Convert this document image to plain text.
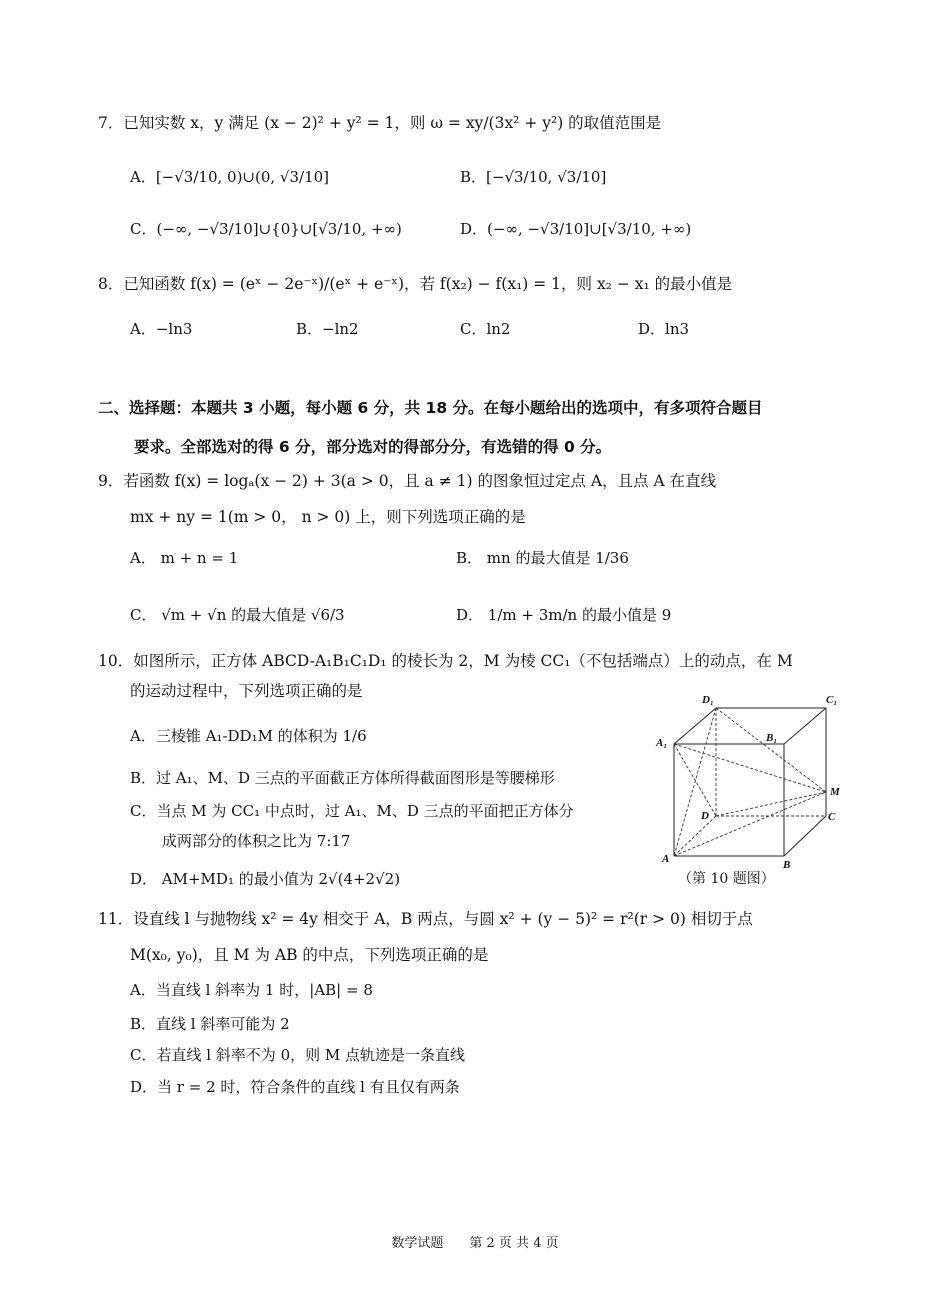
7．已知实数 x，y 满足 (x − 2)² + y² = 1，则 ω = xy/(3x² + y²) 的取值范围是
A．[−√3/10, 0)∪(0, √3/10]	B．[−√3/10, √3/10]
C．(−∞, −√3/10]∪{0}∪[√3/10, +∞)	D．(−∞, −√3/10]∪[√3/10, +∞)
8．已知函数 f(x) = (eˣ − 2e⁻ˣ)/(eˣ + e⁻ˣ)，若 f(x₂) − f(x₁) = 1，则 x₂ − x₁ 的最小值是
A．−ln3	B．−ln2	C．ln2	D．ln3
二、选择题：本题共 3 小题，每小题 6 分，共 18 分。在每小题给出的选项中，有多项符合题目
要求。全部选对的得 6 分，部分选对的得部分分，有选错的得 0 分。
9．若函数 f(x) = logₐ(x − 2) + 3(a > 0，且 a ≠ 1) 的图象恒过定点 A，且点 A 在直线
mx + ny = 1(m > 0， n > 0) 上，则下列选项正确的是
A． m + n = 1	B． mn 的最大值是 1/36
C． √m + √n 的最大值是 √6/3	D． 1/m + 3m/n 的最小值是 9
10．如图所示，正方体 ABCD-A₁B₁C₁D₁ 的棱长为 2，M 为棱 CC₁（不包括端点）上的动点，在 M
的运动过程中，下列选项正确的是
A．三棱锥 A₁-DD₁M 的体积为 1/6
B．过 A₁、M、D 三点的平面截正方体所得截面图形是等腰梯形
C．当点 M 为 CC₁ 中点时，过 A₁、M、D 三点的平面把正方体分
成两部分的体积之比为 7:17
D． AM+MD₁ 的最小值为 2√(4+2√2)
D₁	C₁
A₁	B₁
M
D	C
A	B
（第 10 题图）
11．设直线 l 与抛物线 x² = 4y 相交于 A，B 两点，与圆 x² + (y − 5)² = r²(r > 0) 相切于点
M(x₀, y₀)，且 M 为 AB 的中点，下列选项正确的是
A．当直线 l 斜率为 1 时，|AB| = 8
B．直线 l 斜率可能为 2
C．若直线 l 斜率不为 0，则 M 点轨迹是一条直线
D．当 r = 2 时，符合条件的直线 l 有且仅有两条
数学试题　　第 2 页 共 4 页
